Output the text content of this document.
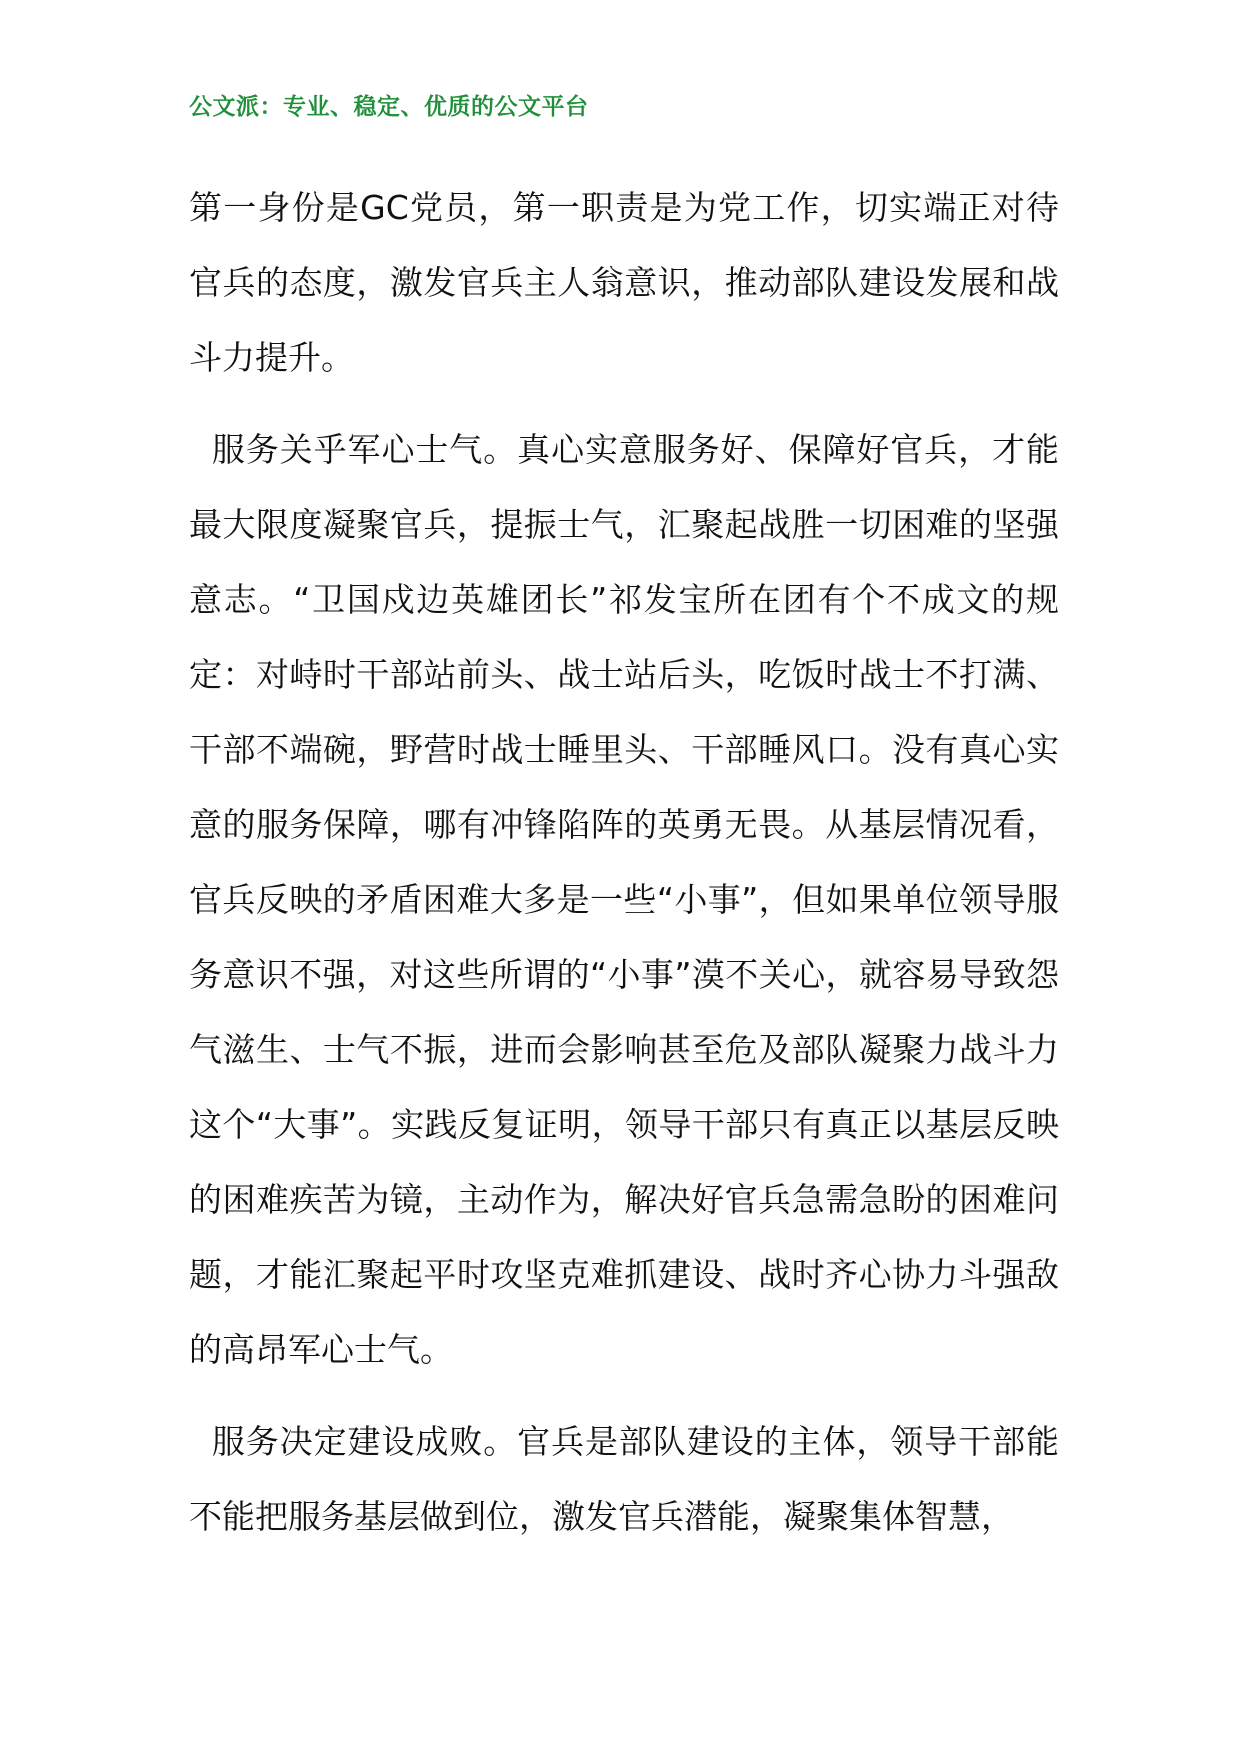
公文派：专业、稳定、优质的公文平台

第一身份是GC党员，第一职责是为党工作，切实端正对待官兵的态度，激发官兵主人翁意识，推动部队建设发展和战斗力提升。

服务关乎军心士气。真心实意服务好、保障好官兵，才能最大限度凝聚官兵，提振士气，汇聚起战胜一切困难的坚强意志。“卫国戍边英雄团长”祁发宝所在团有个不成文的规定：对峙时干部站前头、战士站后头，吃饭时战士不打满、干部不端碗，野营时战士睡里头、干部睡风口。没有真心实意的服务保障，哪有冲锋陷阵的英勇无畏。从基层情况看，官兵反映的矛盾困难大多是一些“小事”，但如果单位领导服务意识不强，对这些所谓的“小事”漠不关心，就容易导致怨气滋生、士气不振，进而会影响甚至危及部队凝聚力战斗力这个“大事”。实践反复证明，领导干部只有真正以基层反映的困难疾苦为镜，主动作为，解决好官兵急需急盼的困难问题，才能汇聚起平时攻坚克难抓建设、战时齐心协力斗强敌的高昂军心士气。

服务决定建设成败。官兵是部队建设的主体，领导干部能不能把服务基层做到位，激发官兵潜能，凝聚集体智慧，
